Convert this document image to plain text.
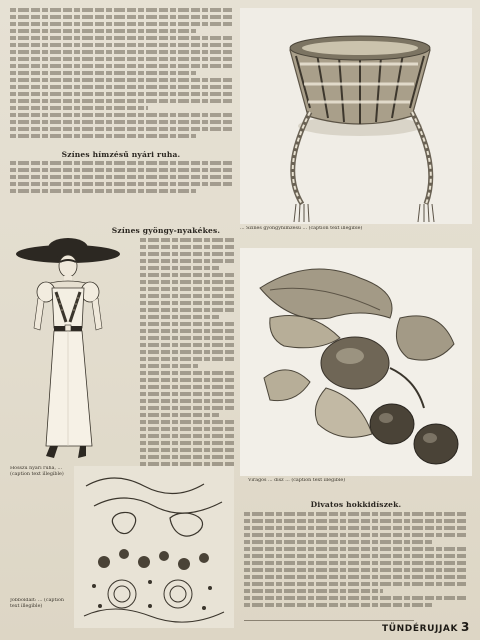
Színes hímzésű nyári ruha.
... Színes gyöngyhímzésű ... (caption text illegible)
Színes gyöngy-nyakékes.
Virágos ... dísz ... (caption text illegible)
Divatos hokkidíszek.
Hosszú nyári ruha, ... (caption text illegible)
Jobboldalt: ... (caption text illegible)
TÜNDÉRUJJAK 3
